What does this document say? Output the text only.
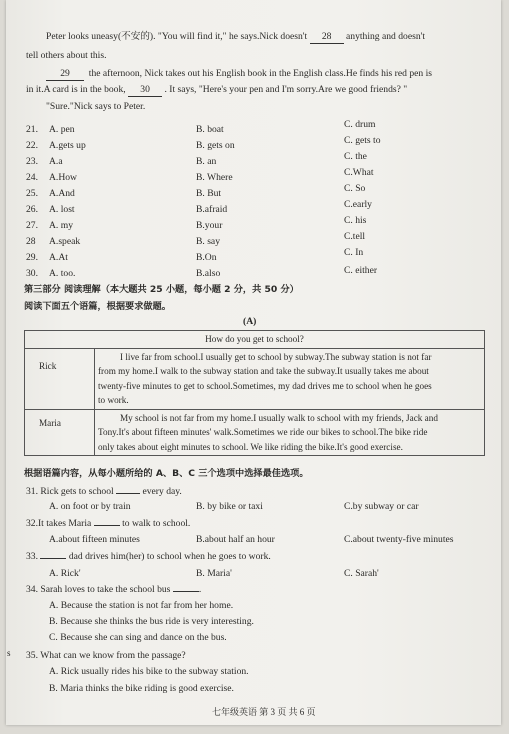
Peter looks uneasy(不安的). "You will find it," he says.Nick doesn't 28 anything and doesn't
tell others about this.
29 the afternoon, Nick takes out his English book in the English class.He finds his red pen is
in it.A card is in the book, 30 . It says, "Here's your pen and I'm sorry.Are we good friends? "
"Sure."Nick says to Peter.
21. A. pen	B. boat	C. drum
22. A.gets up	B. gets on	C. gets to
23. A.a	B. an	C. the
24. A.How	B. Where	C.What
25. A.And	B. But	C. So
26. A. lost	B.afraid	C.early
27. A. my	B.your	C. his
28 A.speak	B. say	C.tell
29. A.At	B.On	C. In
30. A. too.	B.also	C. either
第三部分 阅读理解（本大题共 25 小题，每小题 2 分，共 50 分）
阅读下面五个语篇，根据要求做题。
(A)
How do you get to school?	
Rick	I live far from school.I usually get to school by subway.The subway station is not far
from my home.I walk to the subway station and take the subway.It usually takes me about
twenty-five minutes to get to school.Sometimes, my dad drives me to school when he goes
to work.

Maria	My school is not far from my home.I usually walk to school with my friends, Jack and
Tony.It's about fifteen minutes' walk.Sometimes we ride our bikes to school.The bike ride
only takes about eight minutes to school. We like riding the bike.It's good exercise.
根据语篇内容，从每小题所给的 A、B、C 三个选项中选择最佳选项。
31. Rick gets to school	every day.
A. on foot or by train	B. by bike or taxi	C.by subway or car
32.It takes Maria	to walk to school.
A.about fifteen minutes	B.about half an hour	C.about twenty-five minutes
33.	dad drives him(her) to school when he goes to work.
A. Rick'	B. Maria'	C. Sarah'
34. Sarah loves to take the school bus	.
A. Because the station is not far from her home.
B. Because she thinks the bus ride is very interesting.
C. Because she can sing and dance on the bus.
35. What can we know from the passage?
A. Rick usually rides his bike to the subway station.
B. Maria thinks the bike riding is good exercise.
s
七年级英语 第 3 页 共 6 页
